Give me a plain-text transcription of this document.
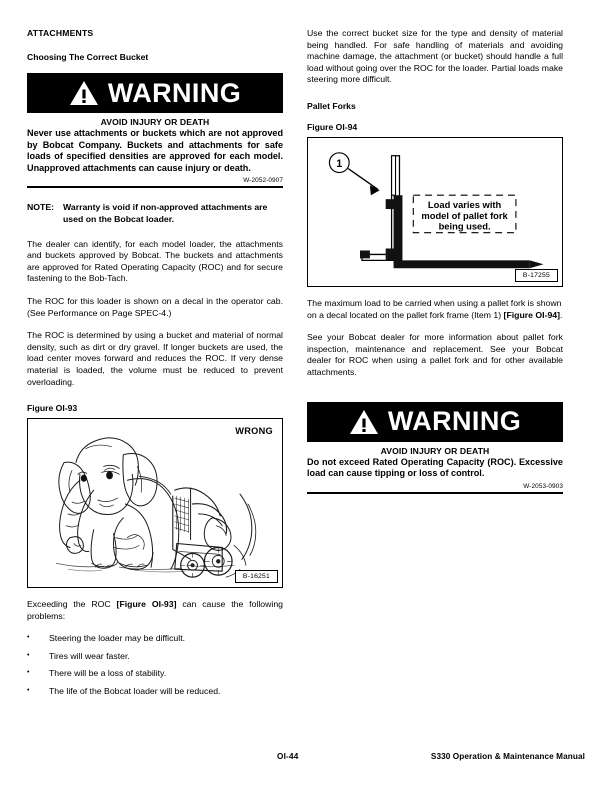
ATTACHMENTS
Choosing The Correct Bucket
WARNING
AVOID INJURY OR DEATH
Never use attachments or buckets which are not approved by Bobcat Company. Buckets and attachments for safe loads of specified densities are approved for each model. Unapproved attachments can cause injury or death.
W-2052-0907
NOTE: Warranty is void if non-approved attachments are used on the Bobcat loader.

The dealer can identify, for each model loader, the attachments and buckets approved by Bobcat. The buckets and attachments are approved for Rated Operating Capacity (ROC) and for secure fastening to the Bob-Tach.

The ROC for this loader is shown on a decal in the operator cab. (See Performance on Page SPEC-4.)

The ROC is determined by using a bucket and material of normal density, such as dirt or dry gravel. If longer buckets are used, the load center moves forward and reduces the ROC. If very dense material is loaded, the volume must be reduced to prevent overloading.

Figure OI-93
WRONG
B-16251

Exceeding the ROC [Figure OI-93] can cause the following problems:

• Steering the loader may be difficult.
• Tires will wear faster.
• There will be a loss of stability.
• The life of the Bobcat loader will be reduced.

Use the correct bucket size for the type and density of material being handled. For safe handling of materials and avoiding machine damage, the attachment (or bucket) should handle a full load without going over the ROC for the loader. Partial loads make steering more difficult.

Pallet Forks
Figure OI-94
1
Load varies with
model of pallet fork
being used.
B-17255

The maximum load to be carried when using a pallet fork is shown on a decal located on the pallet fork frame (Item 1) [Figure OI-94].

See your Bobcat dealer for more information about pallet fork inspection, maintenance and replacement. See your Bobcat dealer for ROC when using a pallet fork and for other available attachments.

WARNING
AVOID INJURY OR DEATH
Do not exceed Rated Operating Capacity (ROC). Excessive load can cause tipping or loss of control.
W-2053-0903
OI-44	S330 Operation & Maintenance Manual
